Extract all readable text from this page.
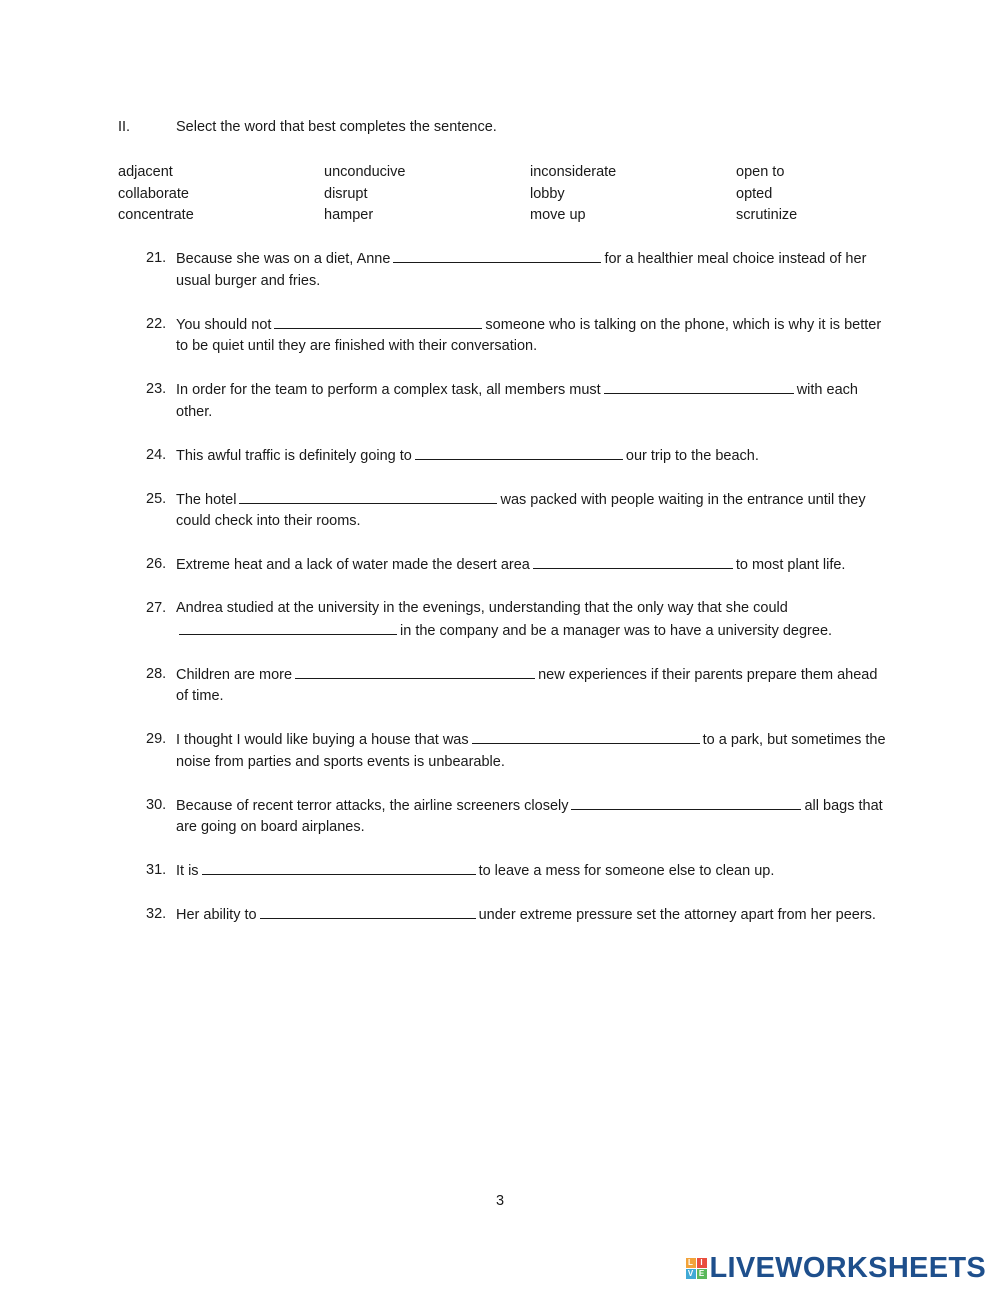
II.	Select the word that best completes the sentence.
adjacent	unconducive	inconsiderate	open to
collaborate	disrupt	lobby	opted
concentrate	hamper	move up	scrutinize
21. Because she was on a diet, Anne	for a healthier meal choice instead of her usual burger and fries.
22. You should not	someone who is talking on the phone, which is why it is better to be quiet until they are finished with their conversation.
23. In order for the team to perform a complex task, all members must	with each other.
24. This awful traffic is definitely going to	our trip to the beach.
25. The hotel	was packed with people waiting in the entrance until they could check into their rooms.
26. Extreme heat and a lack of water made the desert area	to most plant life.
27. Andrea studied at the university in the evenings, understanding that the only way that she couldin the company and be a manager was to have a university degree.
28. Children are more	new experiences if their parents prepare them ahead of time.
29. I thought I would like buying a house that was	to a park, but sometimes the noise from parties and sports events is unbearable.
30. Because of recent terror attacks, the airline screeners closely	all bags that are going on board airplanes.
31. It is	to leave a mess for someone else to clean up.
32. Her ability to	under extreme pressure set the attorney apart from her peers.
3
L I
V E LIVEWORKSHEETS
